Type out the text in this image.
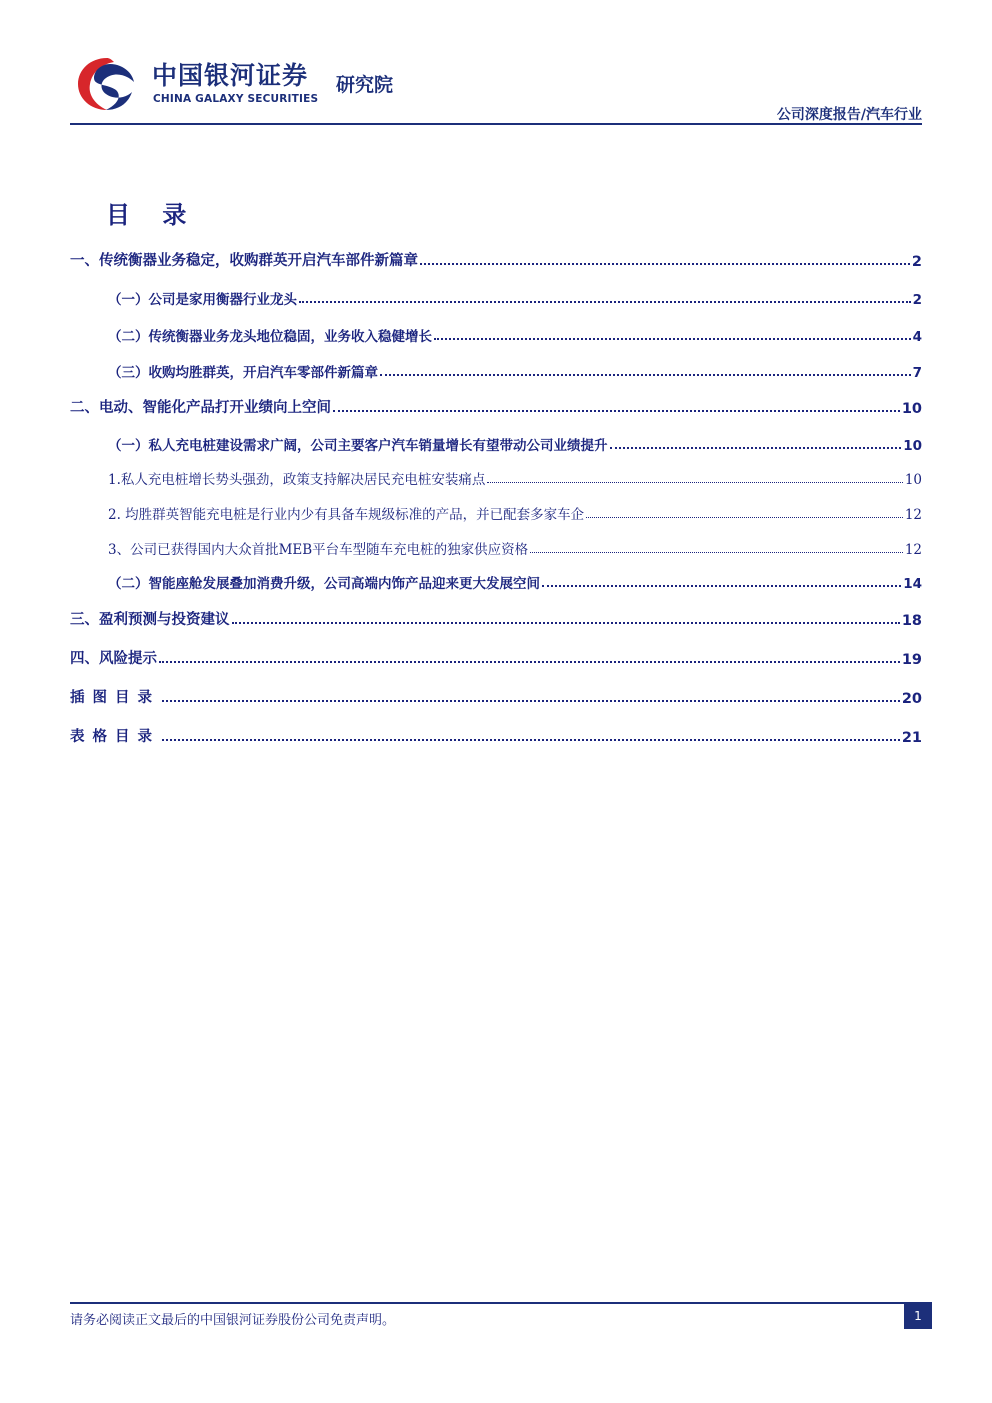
中国银河证券
CHINA GALAXY SECURITIES
研究院
公司深度报告/汽车行业
目 录
一、传统衡器业务稳定，收购群英开启汽车部件新篇章	2
（一）公司是家用衡器行业龙头	2
（二）传统衡器业务龙头地位稳固，业务收入稳健增长	4
（三）收购均胜群英，开启汽车零部件新篇章	7
二、电动、智能化产品打开业绩向上空间	10
（一）私人充电桩建设需求广阔，公司主要客户汽车销量增长有望带动公司业绩提升	10
1.私人充电桩增长势头强劲，政策支持解决居民充电桩安装痛点	10
2. 均胜群英智能充电桩是行业内少有具备车规级标准的产品，并已配套多家车企	12
3、公司已获得国内大众首批MEB平台车型随车充电桩的独家供应资格	12
（二）智能座舱发展叠加消费升级，公司高端内饰产品迎来更大发展空间	14
三、盈利预测与投资建议	18
四、风险提示	19
插图目录	20
表格目录	21
请务必阅读正文最后的中国银河证券股份公司免责声明。	1
